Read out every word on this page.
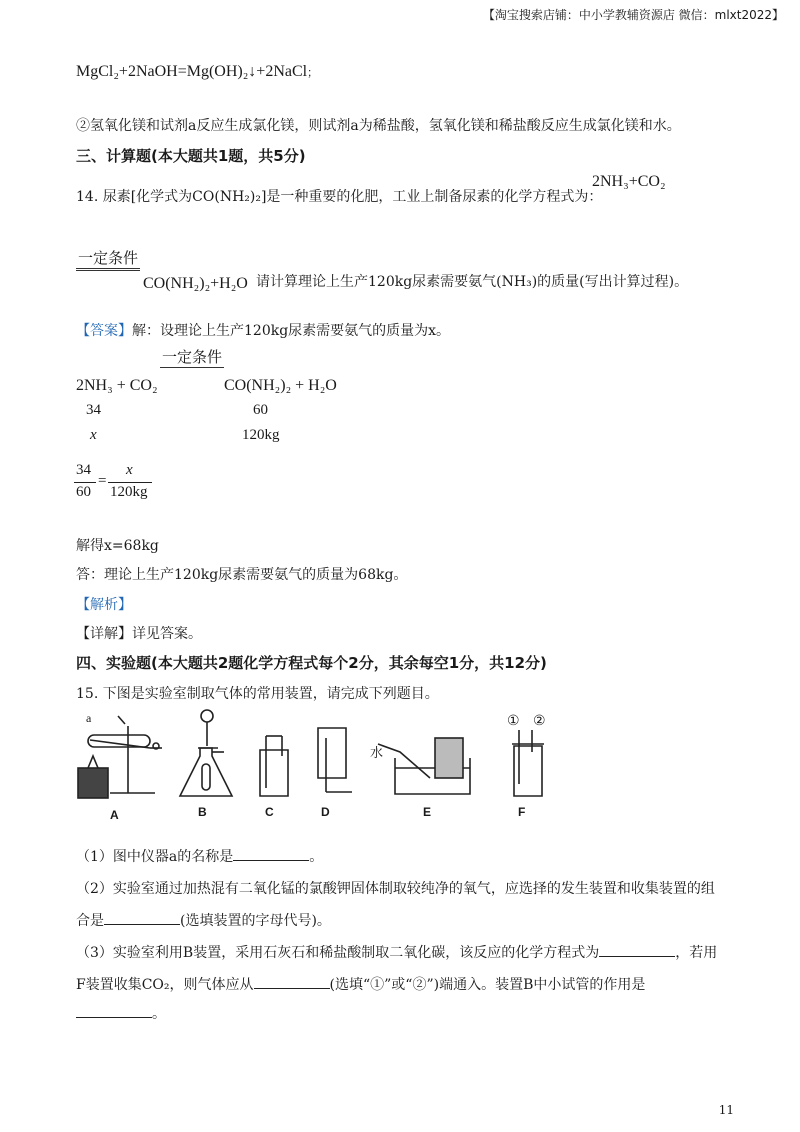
【淘宝搜索店铺：中小学教辅资源店 微信：mlxt2022】
MgCl₂+2NaOH=Mg(OH)₂↓+2NaCl；
②氢氧化镁和试剂a反应生成氯化镁，则试剂a为稀盐酸，氢氧化镁和稀盐酸反应生成氯化镁和水。
三、计算题(本大题共1题，共5分)
14. 尿素[化学式为CO(NH₂)₂]是一种重要的化肥，工业上制备尿素的化学方程式为：
2NH₃+CO₂
一定条件
CO(NH₂)₂+H₂O 请计算理论上生产120kg尿素需要氨气(NH₃)的质量(写出计算过程)。
【答案】解：设理论上生产120kg尿素需要氨气的质量为x。
一定条件
2NH₃ + CO₂	CO(NH₂)₂ + H₂O
34	60
x	120kg
34
60
=
x
120kg
解得x=68kg
答：理论上生产120kg尿素需要氨气的质量为68kg。
【解析】
【详解】详见答案。
四、实验题(本大题共2题化学方程式每个2分，其余每空1分，共12分)
15. 下图是实验室制取气体的常用装置，请完成下列题目。
a
水
① ②
A	B	C	D	E	F
（1）图中仪器a的名称是	。
（2）实验室通过加热混有二氧化锰的氯酸钾固体制取较纯净的氧气，应选择的发生装置和收集装置的组
合是	(选填装置的字母代号)。
（3）实验室利用B装置，采用石灰石和稀盐酸制取二氧化碳，该反应的化学方程式为	，若用
F装置收集CO₂，则气体应从	(选填“①”或“②”)端通入。装置B中小试管的作用是
。
11
